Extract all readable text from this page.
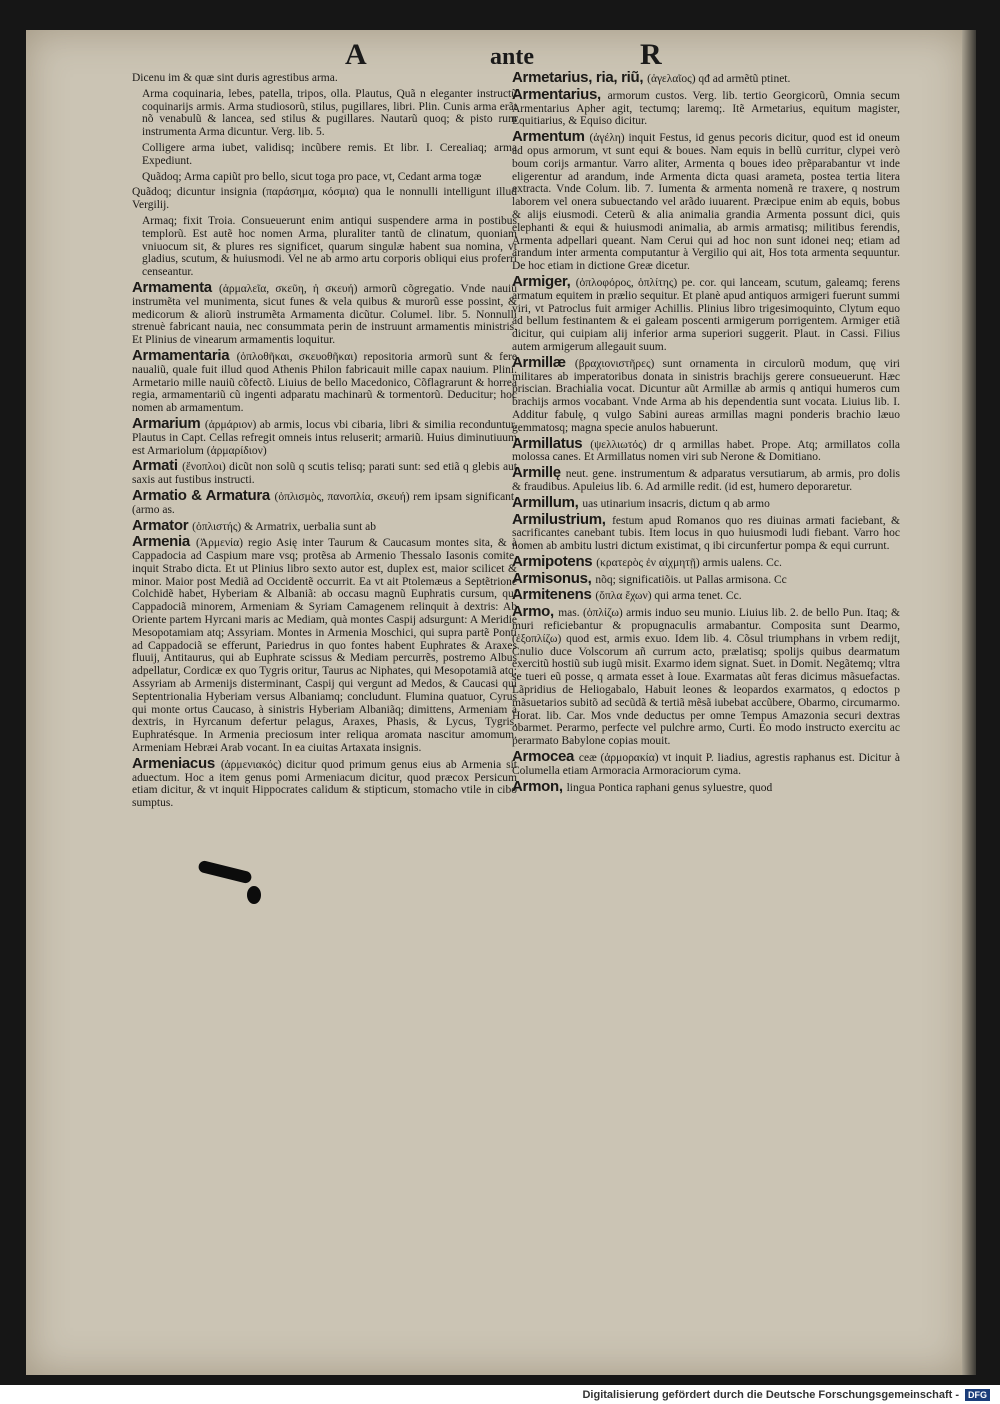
A	ante	R

Dicenu im & quæ sint duris agrestibus arma.

Arma coquinaria, lebes, patella, tripos, olla. Plautus, Quã n eleganter instructũ coquinarijs armis. Arma studiosorũ, stilus, pugillares, libri. Plin. Cunis arma erãt nõ venabulũ & lancea, sed stilus & pugillares. Nautarũ quoq; & pisto rum instrumenta Arma dicuntur. Verg. lib. 5.

Colligere arma iubet, validisq; incũbere remis. Et libr. I. Cerealiaq; arma Expediunt.

Quãdoq; Arma capiũt pro bello, sicut toga pro pace, vt, Cedant arma togæ

Quãdoq; dicuntur insignia (παράσημα, κόσμια) qua le nonnulli intelligunt illud Vergilij.

Armaq; fixit Troia. Consueuerunt enim antiqui suspendere arma in postibus templorũ. Est autẽ hoc nomen Arma, pluraliter tantũ de clinatum, quoniam vniuocum sit, & plures res significet, quarum singulæ habent sua nomina, vt gladius, scutum, & huiusmodi. Vel ne ab armo artu corporis obliqui eius proferri censeantur.

Armamenta (ἀρμαλεῖα, σκεῦη, ἡ σκευή) armorũ cõgregatio. Vnde nauiũ instrumẽta vel munimenta, sicut funes & vela quibus & murorũ esse possint, & medicorum & aliorũ instrumẽta Armamenta dicũtur. Columel. libr. 5. Nonnulli strenuè fabricant nauia, nec consummata perin de instruunt armamentis ministris. Et Plinius de vinearum armamentis loquitur.

Armamentaria (ὁπλοθῆκαι, σκευοθῆκαι) repositoria armorũ sunt & fere naualiũ, quale fuit illud quod Athenis Philon fabricauit mille capax nauium. Plini. Armetario mille nauiũ cõfectõ. Liuius de bello Macedonico, Cõflagrarunt & horrea regia, armamentariũ cũ ingenti adparatu machinarũ & tormentorũ. Deducitur; hoc nomen ab armamentum.

Armarium (ἀρμάριον) ab armis, locus vbi cibaria, libri & similia reconduntur. Plautus in Capt. Cellas refregit omneis intus reluserit; armariũ. Huius diminutiuum est Armariolum (ἀρμαρίδιον)

Armati (ἔνοπλοι) dicũt non solũ q scutis telisq; parati sunt: sed etiã q glebis aut saxis aut fustibus instructi.

Armatio & Armatura (ὁπλισμὸς, πανοπλία, σκευή) rem ipsam significant. (armo as.

Armator (ὁπλιστής) & Armatrix, uerbalia sunt ab

Armenia (Ἀρμενία) regio Asię inter Taurum & Caucasum montes sita, & à Cappadocia ad Caspium mare vsq; protẽsa ab Armenio Thessalo Iasonis comite, inquit Strabo dicta. Et ut Plinius libro sexto autor est, duplex est, maior scilicet & minor. Maior post Mediã ad Occidentẽ occurrit. Ea vt ait Ptolemæus a Septẽtrione Colchidẽ habet, Hyberiam & Albaniã: ab occasu magnũ Euphratis cursum, qui Cappadociã minorem, Armeniam & Syriam Camagenem relinquit à dextris: Ab Oriente partem Hyrcani maris ac Mediam, quà montes Caspij adsurgunt: A Meridie Mesopotamiam atq; Assyriam. Montes in Armenia Moschici, qui supra partẽ Ponti ad Cappadociã se efferunt, Pariedrus in quo fontes habent Euphrates & Araxes fluuij, Antitaurus, qui ab Euphrate scissus & Mediam percurrẽs, postremo Albus adpellatur, Cordicæ ex quo Tygris oritur, Taurus ac Niphates, qui Mesopotamiã atq; Assyriam ab Armenijs disterminant, Caspij qui vergunt ad Medos, & Caucasi qui Septentrionalia Hyberiam versus Albaniamq; concludunt. Flumina quatuor, Cyrus qui monte ortus Caucaso, à sinistris Hyberiam Albaniãq; dimittens, Armeniam à dextris, in Hyrcanum defertur pelagus, Araxes, Phasis, & Lycus, Tygris, Euphratésque. In Armenia preciosum inter reliqua aromata nascitur amomum. Armeniam Hebræi Arab vocant. In ea ciuitas Artaxata insignis.

Armeniacus (ἀρμενιακός) dicitur quod primum genus eius ab Armenia sit aduectum. Hoc a item genus pomi Armeniacum dicitur, quod præcox Persicum etiam dicitur, & vt inquit Hippocrates calidum & stipticum, stomacho vtile in cibo sumptus.

Armetarius, ria, riũ, (ἀγελαῖος) qđ ad armẽtũ ptinet.

Armentarius, armorum custos. Verg. lib. tertio Georgicorũ, Omnia secum Armentarius Apher agit, tectumq; laremq;. Itẽ Armetarius, equitum magister, Equitiarius, & Equiso dicitur.

Armentum (ἀγέλη) inquit Festus, id genus pecoris dicitur, quod est id oneum ad opus armorum, vt sunt equi & boues. Nam equis in bellũ curritur, clypei verò boum corijs armantur. Varro aliter, Armenta q boues ideo prẽparabantur vt inde eligerentur ad arandum, inde Armenta dicta quasi arameta, postea tertia litera extracta. Vnde Colum. lib. 7. Iumenta & armenta nomenã re traxere, q nostrum laborem vel onera subuectando vel arãdo iuuarent. Præcipue enim ab equis, bobus & alijs eiusmodi. Ceterũ & alia animalia grandia Armenta possunt dici, quis elephanti & equi & huiusmodi animalia, ab armis armatisq; militibus ferendis, Armenta adpellari queant. Nam Cerui qui ad hoc non sunt idonei neq; etiam ad arandum inter armenta computantur à Vergilio qui ait, Hos tota armenta sequuntur. De hoc etiam in dictione Greæ dicetur.

Armiger, (ὁπλοφόρος, ὁπλίτης) pe. cor. qui lanceam, scutum, galeamq; ferens armatum equitem in prælio sequitur. Et planè apud antiquos armigeri fuerunt summi viri, vt Patroclus fuit armiger Achillis. Plinius libro trigesimoquinto, Clytum equo ad bellum festinantem & ei galeam poscenti armigerum porrigentem. Armiger etiã dicitur, qui cuipiam alij inferior arma superiori suggerit. Plaut. in Cassi. Filius autem armigerum allegauit suum.

Armillæ (βραχιονιστῆρες) sunt ornamenta in circulorũ modum, quę viri militares ab imperatoribus donata in sinistris brachijs gerere consueuerunt. Hæc priscian. Brachialia vocat. Dicuntur aũt Armillæ ab armis q antiqui humeros cum brachijs armos vocabant. Vnde Arma ab his dependentia sunt vocata. Liuius lib. I. Additur fabulę, q vulgo Sabini aureas armillas magni ponderis brachio læuo gemmatosq; magna specie anulos habuerunt.

Armillatus (ψελλιωτός) dr q armillas habet. Prope. Atq; armillatos colla molossa canes. Et Armillatus nomen viri sub Nerone & Domitiano.

Armillę neut. gene. instrumentum & adparatus versutiarum, ab armis, pro dolis & fraudibus. Apuleius lib. 6. Ad armille redit. (id est, humero deporaretur.

Armillum, uas utinarium insacris, dictum q ab armo

Armilustrium, festum apud Romanos quo res diuinas armati faciebant, & sacrificantes canebant tubis. Item locus in quo huiusmodi ludi fiebant. Varro hoc nomen ab ambitu lustri dictum existimat, q ibi circunfertur pompa & equi currunt.

Armipotens (κρατερὸς ἐν αἰχμητῇ) armis ualens. Cc.

Armisonus, nõq; significatiõis. ut Pallas armisona. Cc

Armitenens (ὅπλα ἔχων) qui arma tenet. Cc.

Armo, mas. (ὁπλίζω) armis induo seu munio. Liuius lib. 2. de bello Pun. Itaq; & muri reficiebantur & propugnaculis armabantur. Composita sunt Dearmo, (ἐξοπλίζω) quod est, armis exuo. Idem lib. 4. Cõsul triumphans in vrbem redijt, Cnulio duce Volscorum añ currum acto, prælatisq; spolijs quibus dearmatum exercitũ hostiũ sub iugũ misit. Exarmo idem signat. Suet. in Domit. Negãtemq; vltra se tueri eũ posse, q armata esset à Ioue. Exarmatas aũt feras dicimus mãsuefactas. Lãpridius de Heliogabalo, Habuit leones & leopardos exarmatos, q edoctos p mãsuetarios subitõ ad secũdã & tertiã mẽsã iubebat accũbere, Obarmo, circumarmo. Horat. lib. Car. Mos vnde deductus per omne Tempus Amazonia securi dextras obarmet. Perarmo, perfecte vel pulchre armo, Curti. Eo modo instructo exercitu ac perarmato Babylone copias mouit.

Armocea ceæ (ἀρμορακία) vt inquit P. liadius, agrestis raphanus est. Dicitur à Columella etiam Armoracia Armoraciorum cyma.

Armon, lingua Pontica raphani genus syluestre, quod

Digitalisierung gefördert durch die Deutsche Forschungsgemeinschaft -	DFG
